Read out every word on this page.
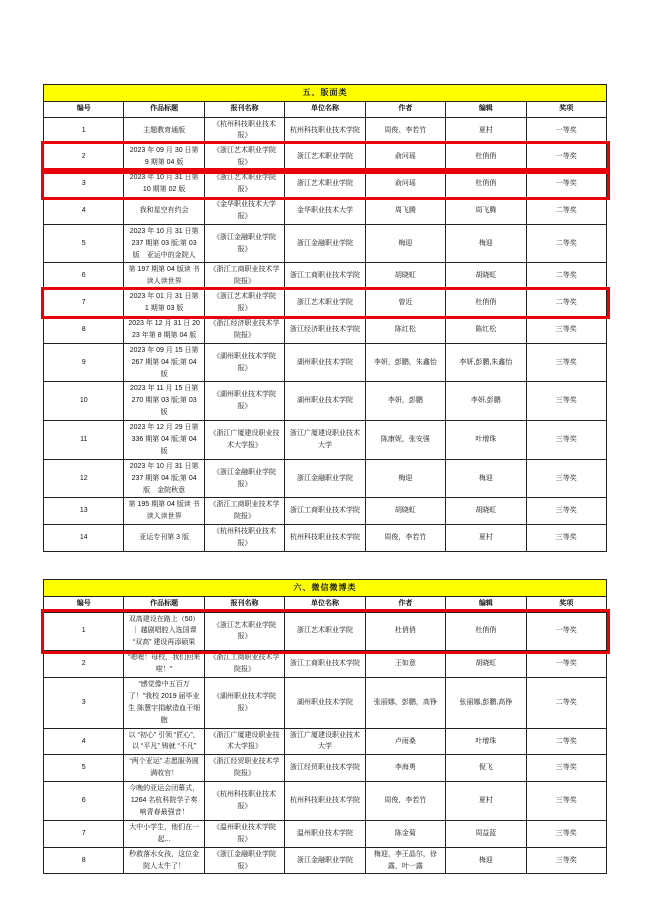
五、版面类						
编号	作品标题	报刊名称	单位名称	作者	编辑	奖项
1	主题教育通版	《杭州科技职业技术报》	杭州科技职业技术学院	周俊、李若竹	夏村	一等奖
2	2023 年 09 月 30 日第 9 期第 04 版	《浙江艺术职业学院报》	浙江艺术职业学院	俞问瑶	杜俏俏	一等奖
3	2023 年 10 月 31 日第 10 期第 02 版	《浙江艺术职业学院报》	浙江艺术职业学院	俞问瑶	杜俏俏	一等奖
4	我和星空有约会	《金华职业技术大学报》	金华职业技术大学	周飞腾	周飞腾	二等奖
5	2023 年 10 月 31 日第 237 期第 03 版;第 03 版　亚运中的金院人	《浙江金融职业学院报》	浙江金融职业学院	梅迎	梅迎	二等奖
6	第 197 期第 04 版读 书读人读世界	《浙江工商职业技术学院报》	浙江工商职业技术学院	胡晓虹	胡晓虹	二等奖
7	2023 年 01 月 31 日第 1 期第 03 版	《浙江艺术职业学院报》	浙江艺术职业学院	曾近	杜俏俏	二等奖
8	2023 年 12 月 31 日 2023 年第 8 期第 04 版	《浙江经济职业技术学院报》	浙江经济职业技术学院	陈红松	陈红松	三等奖
9	2023 年 09 月 15 日第 267 期第 04 版;第 04 版	《湖州职业技术学院报》	湖州职业技术学院	李妍，彭鹏，朱鑫怡	李妍,彭鹏,朱鑫怡	三等奖
10	2023 年 11 月 15 日第 270 期第 03 版;第 03 版	《湖州职业技术学院报》	湖州职业技术学院	李妍，彭鹏	李妍,彭鹏	三等奖
11	2023 年 12 月 29 日第 336 期第 04 版;第 04 版	《浙江广厦建设职业技术大学报》	浙江广厦建设职业技术大学	陈康妮，张安强	叶增珠	三等奖
12	2023 年 10 月 31 日第 237 期第 04 版;第 04 版　金院秋意	《浙江金融职业学院报》	浙江金融职业学院	梅迎	梅迎	三等奖
13	第 195 期第 04 版读 书读人读世界	《浙江工商职业技术学院报》	浙江工商职业技术学院	胡晓虹	胡晓虹	三等奖
14	亚运专刊第 3 版	《杭州科技职业技术报》	杭州科技职业技术学院	周俊，李若竹	夏村	三等奖
六、微信微博类						
编号	作品标题	报刊名称	单位名称	作者	编辑	奖项
1	双高建设在路上（50）｜ 越剧唱腔入选国课 “双高” 建设再添硕果	《浙江艺术职业学院报》	浙江艺术职业学院	杜俏俏	杜俏俏	一等奖
2	“嗯喔！母校，我们回来啦！”	《浙江工商职业技术学院报》	浙江工商职业技术学院	王如意	胡晓虹	一等奖
3	“感觉像中五百万了！”我校 2019 届毕业生 陈慧宇捐献造血干细胞	《湖州职业技术学院报》	湖州职业技术学院	张丽娜，彭鹏，高铮	张丽娜,彭鹏,高铮	二等奖
4	以 “初心” 引领 “匠心”，以 “平凡” 铸就 “不凡”	《浙江广厦建设职业技术大学报》	浙江广厦建设职业技术大学	卢雨桑	叶增珠	二等奖
5	“两个亚运” 志愿服务圆满收官！	《浙江经贸职业技术学院报》	浙江经贸职业技术学院	李海勇	倪飞	三等奖
6	今晚的亚运会闭幕式，1264 名杭科院学子奏响青春最强音！	《杭州科技职业技术报》	杭州科技职业技术学院	周俊，李若竹	夏村	三等奖
7	大中小学生，他们在一起...	《温州职业技术学院报》	温州职业技术学院	陈金菊	周益蓝	三等奖
8	秒救落水女孩，这位金院人太牛了！	《浙江金融职业学院报》	浙江金融职业学院	梅迎，李王晶尔，徐露，叶一露	梅迎	三等奖
